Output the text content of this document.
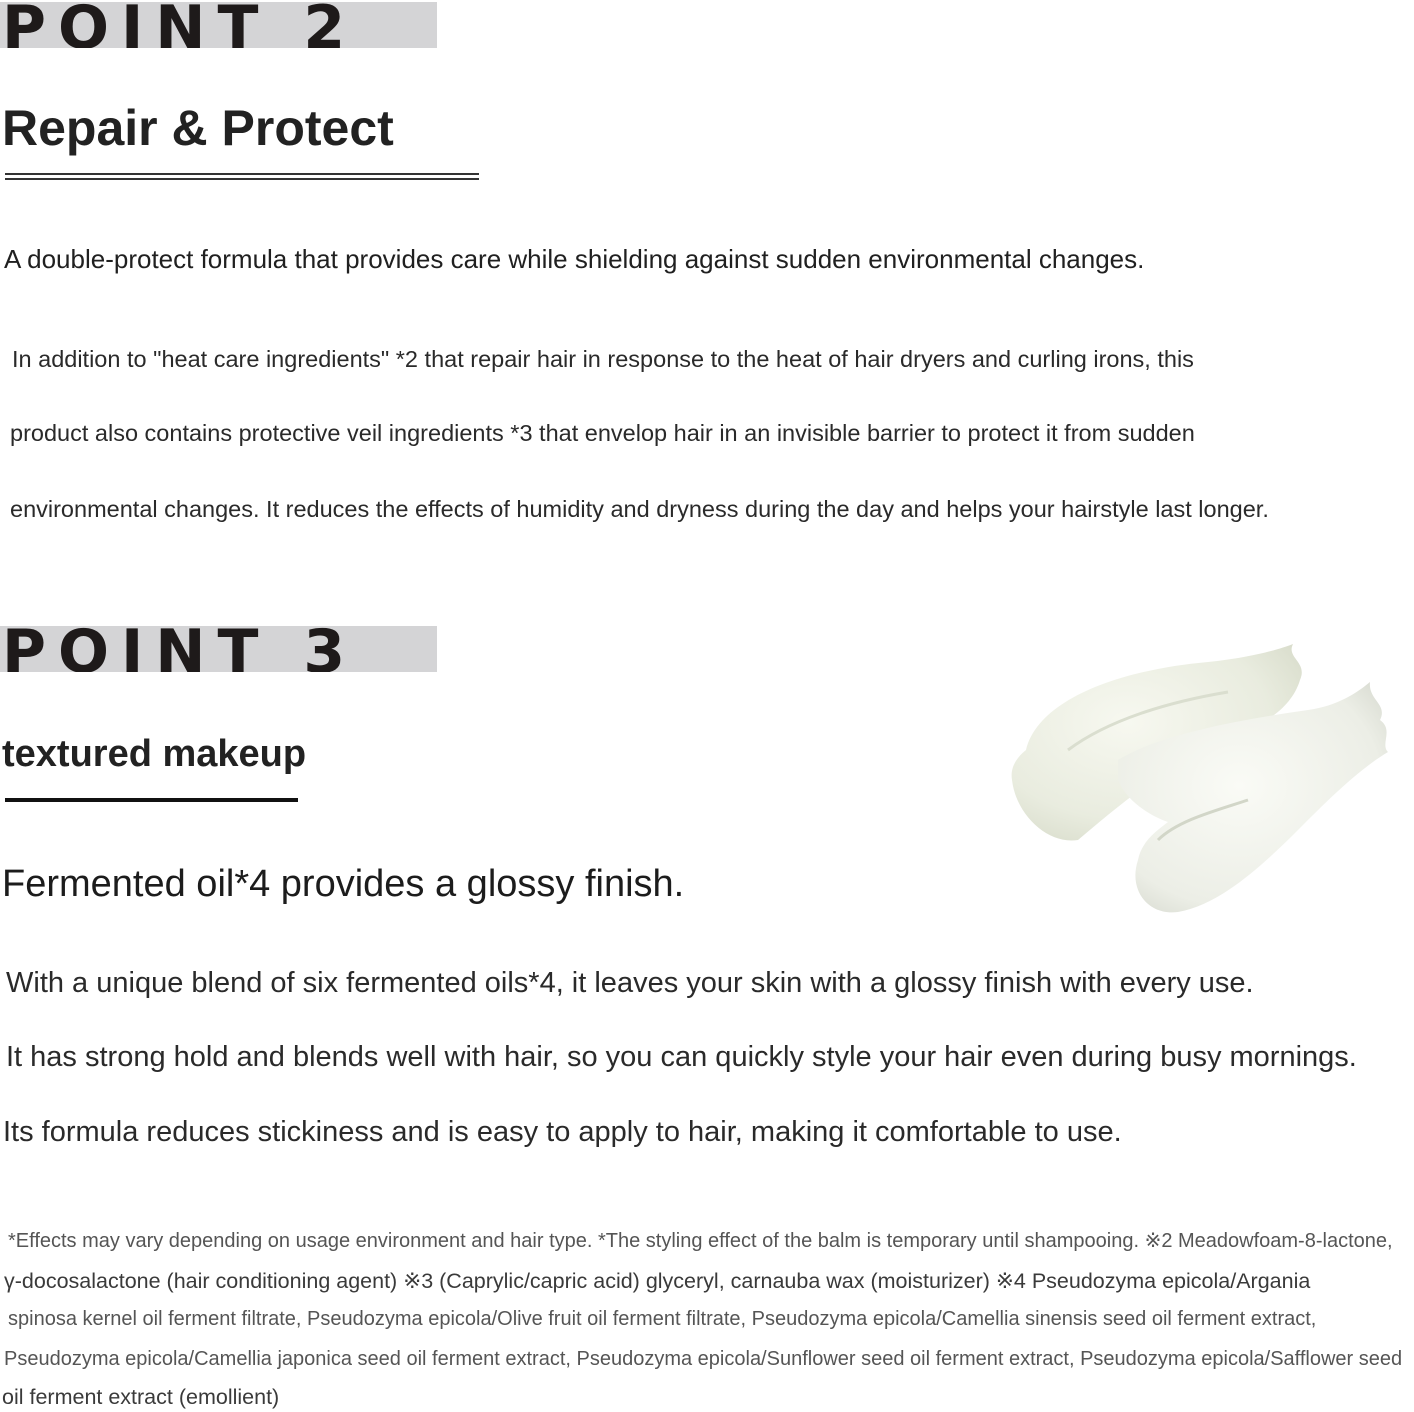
POINT 2
Repair & Protect

A double-protect formula that provides care while shielding against sudden environmental changes.

In addition to "heat care ingredients" *2 that repair hair in response to the heat of hair dryers and curling irons, this

product also contains protective veil ingredients *3 that envelop hair in an invisible barrier to protect it from sudden

environmental changes. It reduces the effects of humidity and dryness during the day and helps your hairstyle last longer.

POINT 3
textured makeup

Fermented oil*4 provides a glossy finish.

With a unique blend of six fermented oils*4, it leaves your skin with a glossy finish with every use.

It has strong hold and blends well with hair, so you can quickly style your hair even during busy mornings.

Its formula reduces stickiness and is easy to apply to hair, making it comfortable to use.

*Effects may vary depending on usage environment and hair type. *The styling effect of the balm is temporary until shampooing. ※2 Meadowfoam-8-lactone,

γ-docosalactone (hair conditioning agent) ※3 (Caprylic/capric acid) glyceryl, carnauba wax (moisturizer) ※4 Pseudozyma epicola/Argania

spinosa kernel oil ferment filtrate, Pseudozyma epicola/Olive fruit oil ferment filtrate, Pseudozyma epicola/Camellia sinensis seed oil ferment extract,

Pseudozyma epicola/Camellia japonica seed oil ferment extract, Pseudozyma epicola/Sunflower seed oil ferment extract, Pseudozyma epicola/Safflower seed

oil ferment extract (emollient)
